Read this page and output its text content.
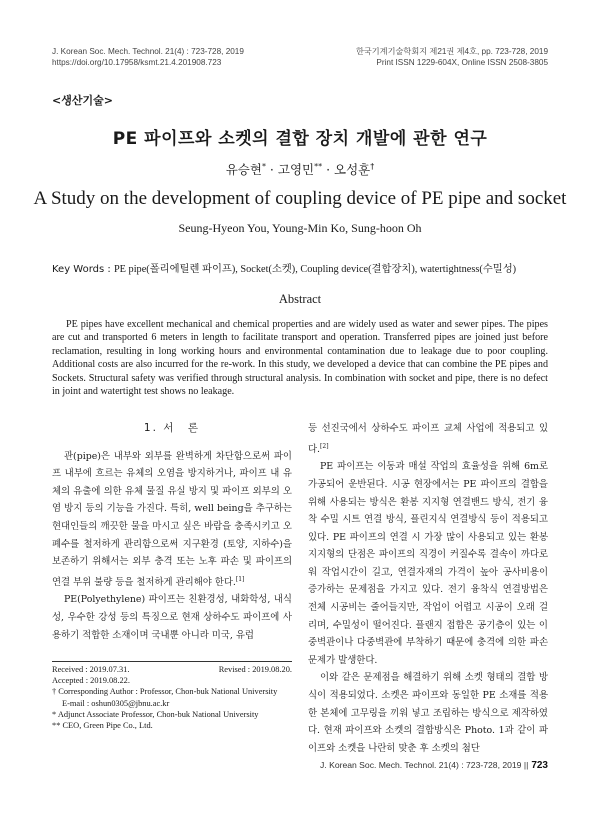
J. Korean Soc. Mech. Technol. 21(4) : 723-728, 2019
https://doi.org/10.17958/ksmt.21.4.201908.723
한국기계기술학회지 제21권 제4호, pp. 723-728, 2019
Print ISSN 1229-604X, Online ISSN 2508-3805
<생산기술>
PE 파이프와 소켓의 결합 장치 개발에 관한 연구
유승현* · 고영민** · 오성훈†
A Study on the development of coupling device of PE pipe and socket
Seung-Hyeon You, Young-Min Ko, Sung-hoon Oh
Key Words : PE pipe(폴리에틸렌 파이프), Socket(소켓), Coupling device(결합장치), watertightness(수밀성)
Abstract

PE pipes have excellent mechanical and chemical properties and are widely used as water and sewer pipes. The pipes are cut and transported 6 meters in length to facilitate transport and operation. Transferred pipes are joined just before reclamation, resulting in long working hours and environmental contamination due to leakage due to poor coupling. Additional costs are also incurred for the re-work. In this study, we developed a device that can combine the PE pipes and Sockets. Structural safety was verified through structural analysis. In combination with socket and pipe, there is no defect in joint and watertight test shows no leakage.

1. 서　론

관(pipe)은 내부와 외부를 완벽하게 차단함으로써 파이프 내부에 흐르는 유체의 오염을 방지하거나, 파이프 내 유체의 유출에 의한 유체 물질 유실 방지 및 파이프 외부의 오염 방지 등의 기능을 가진다. 특히, well being을 추구하는 현대인들의 깨끗한 물을 마시고 싶은 바람을 충족시키고 오폐수를 철저하게 관리함으로써 지구환경 (토양, 지하수)을 보존하기 위해서는 외부 충격 또는 노후 파손 및 파이프의 연결 부위 불량 등을 철저하게 관리해야 한다.[1]

PE(Polyethylene) 파이프는 친환경성, 내화학성, 내식성, 우수한 강성 등의 특징으로 현재 상하수도 파이프에 사용하기 적합한 소재이며 국내뿐 아니라 미국, 유럽

등 선진국에서 상하수도 파이프 교체 사업에 적용되고 있다.[2]

PE 파이프는 이동과 매설 작업의 효율성을 위해 6m로 가공되어 운반된다. 시공 현장에서는 PE 파이프의 결합을 위해 사용되는 방식은 환봉 지지형 연결밴드 방식, 전기 융착 수밀 시트 연결 방식, 플린지식 연결방식 등이 적용되고 있다. PE 파이프의 연결 시 가장 많이 사용되고 있는 환봉 지지형의 단점은 파이프의 직경이 커질수록 결속이 까다로워 작업시간이 길고, 연결자재의 가격이 높아 공사비용이 증가하는 문제점을 가지고 있다. 전기 융착식 연결방법은 전체 시공비는 줄어들지만, 작업이 어렵고 시공이 오래 걸리며, 수밀성이 떨어진다. 플랜지 접합은 공기층이 있는 이중벽관이나 다중벽관에 부착하기 때문에 충격에 의한 파손 문제가 발생한다.

이와 같은 문제점을 해결하기 위해 소켓 형태의 결합 방식이 적용되었다. 소켓은 파이프와 동일한 PE 소재를 적용한 본체에 고무링을 끼워 넣고 조립하는 방식으로 제작하였다. 현재 파이프와 소켓의 결합방식은 Photo. 1과 같이 파이프와 소켓을 나란히 맞춘 후 소켓의 첨단

Received : 2019.07.31.	Revised : 2019.08.20.
Accepted : 2019.08.22.
† Corresponding Author : Professor, Chon-buk National University
E-mail : oshun0305@jbnu.ac.kr
* Adjunct Associate Professor, Chon-buk National University
** CEO, Green Pipe Co., Ltd.
J. Korean Soc. Mech. Technol. 21(4) : 723-728, 2019 || 723
